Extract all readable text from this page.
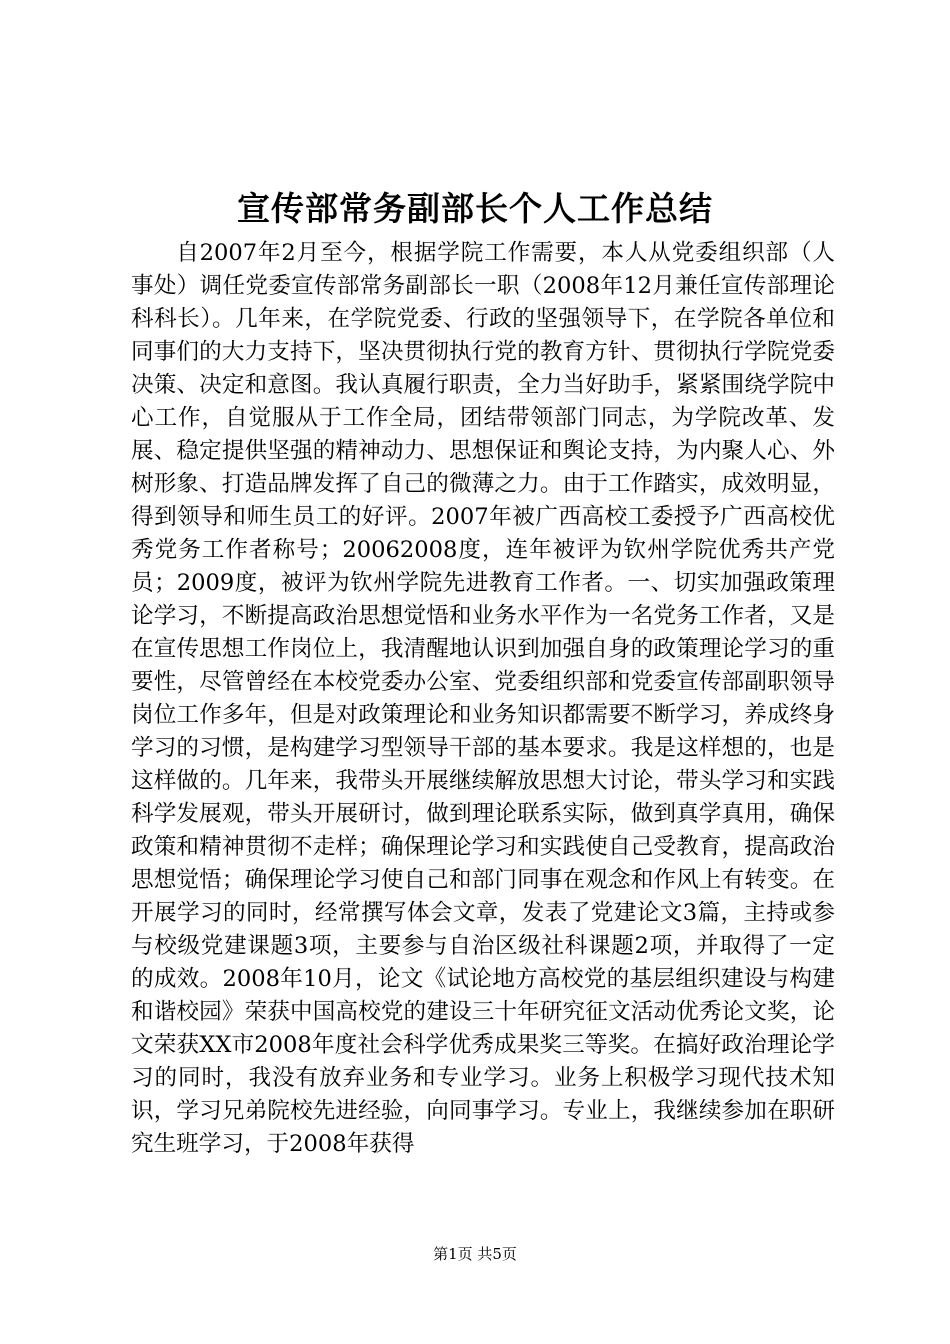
宣传部常务副部长个人工作总结

自2007年2月至今，根据学院工作需要，本人从党委组织部（人事处）调任党委宣传部常务副部长一职（2008年12月兼任宣传部理论科科长）。几年来，在学院党委、行政的坚强领导下，在学院各单位和同事们的大力支持下，坚决贯彻执行党的教育方针、贯彻执行学院党委决策、决定和意图。我认真履行职责，全力当好助手，紧紧围绕学院中心工作，自觉服从于工作全局，团结带领部门同志，为学院改革、发展、稳定提供坚强的精神动力、思想保证和舆论支持，为内聚人心、外树形象、打造品牌发挥了自己的微薄之力。由于工作踏实，成效明显，得到领导和师生员工的好评。2007年被广西高校工委授予广西高校优秀党务工作者称号；20062008度，连年被评为钦州学院优秀共产党员；2009度，被评为钦州学院先进教育工作者。一、切实加强政策理论学习，不断提高政治思想觉悟和业务水平作为一名党务工作者，又是在宣传思想工作岗位上，我清醒地认识到加强自身的政策理论学习的重要性，尽管曾经在本校党委办公室、党委组织部和党委宣传部副职领导岗位工作多年，但是对政策理论和业务知识都需要不断学习，养成终身学习的习惯，是构建学习型领导干部的基本要求。我是这样想的，也是这样做的。几年来，我带头开展继续解放思想大讨论，带头学习和实践科学发展观，带头开展研讨，做到理论联系实际，做到真学真用，确保政策和精神贯彻不走样；确保理论学习和实践使自己受教育，提高政治思想觉悟；确保理论学习使自己和部门同事在观念和作风上有转变。在开展学习的同时，经常撰写体会文章，发表了党建论文3篇，主持或参与校级党建课题3项，主要参与自治区级社科课题2项，并取得了一定的成效。2008年10月，论文《试论地方高校党的基层组织建设与构建和谐校园》荣获中国高校党的建设三十年研究征文活动优秀论文奖，论文荣获XX市2008年度社会科学优秀成果奖三等奖。在搞好政治理论学习的同时，我没有放弃业务和专业学习。业务上积极学习现代技术知识，学习兄弟院校先进经验，向同事学习。专业上，我继续参加在职研究生班学习，于2008年获得

第1页 共5页
